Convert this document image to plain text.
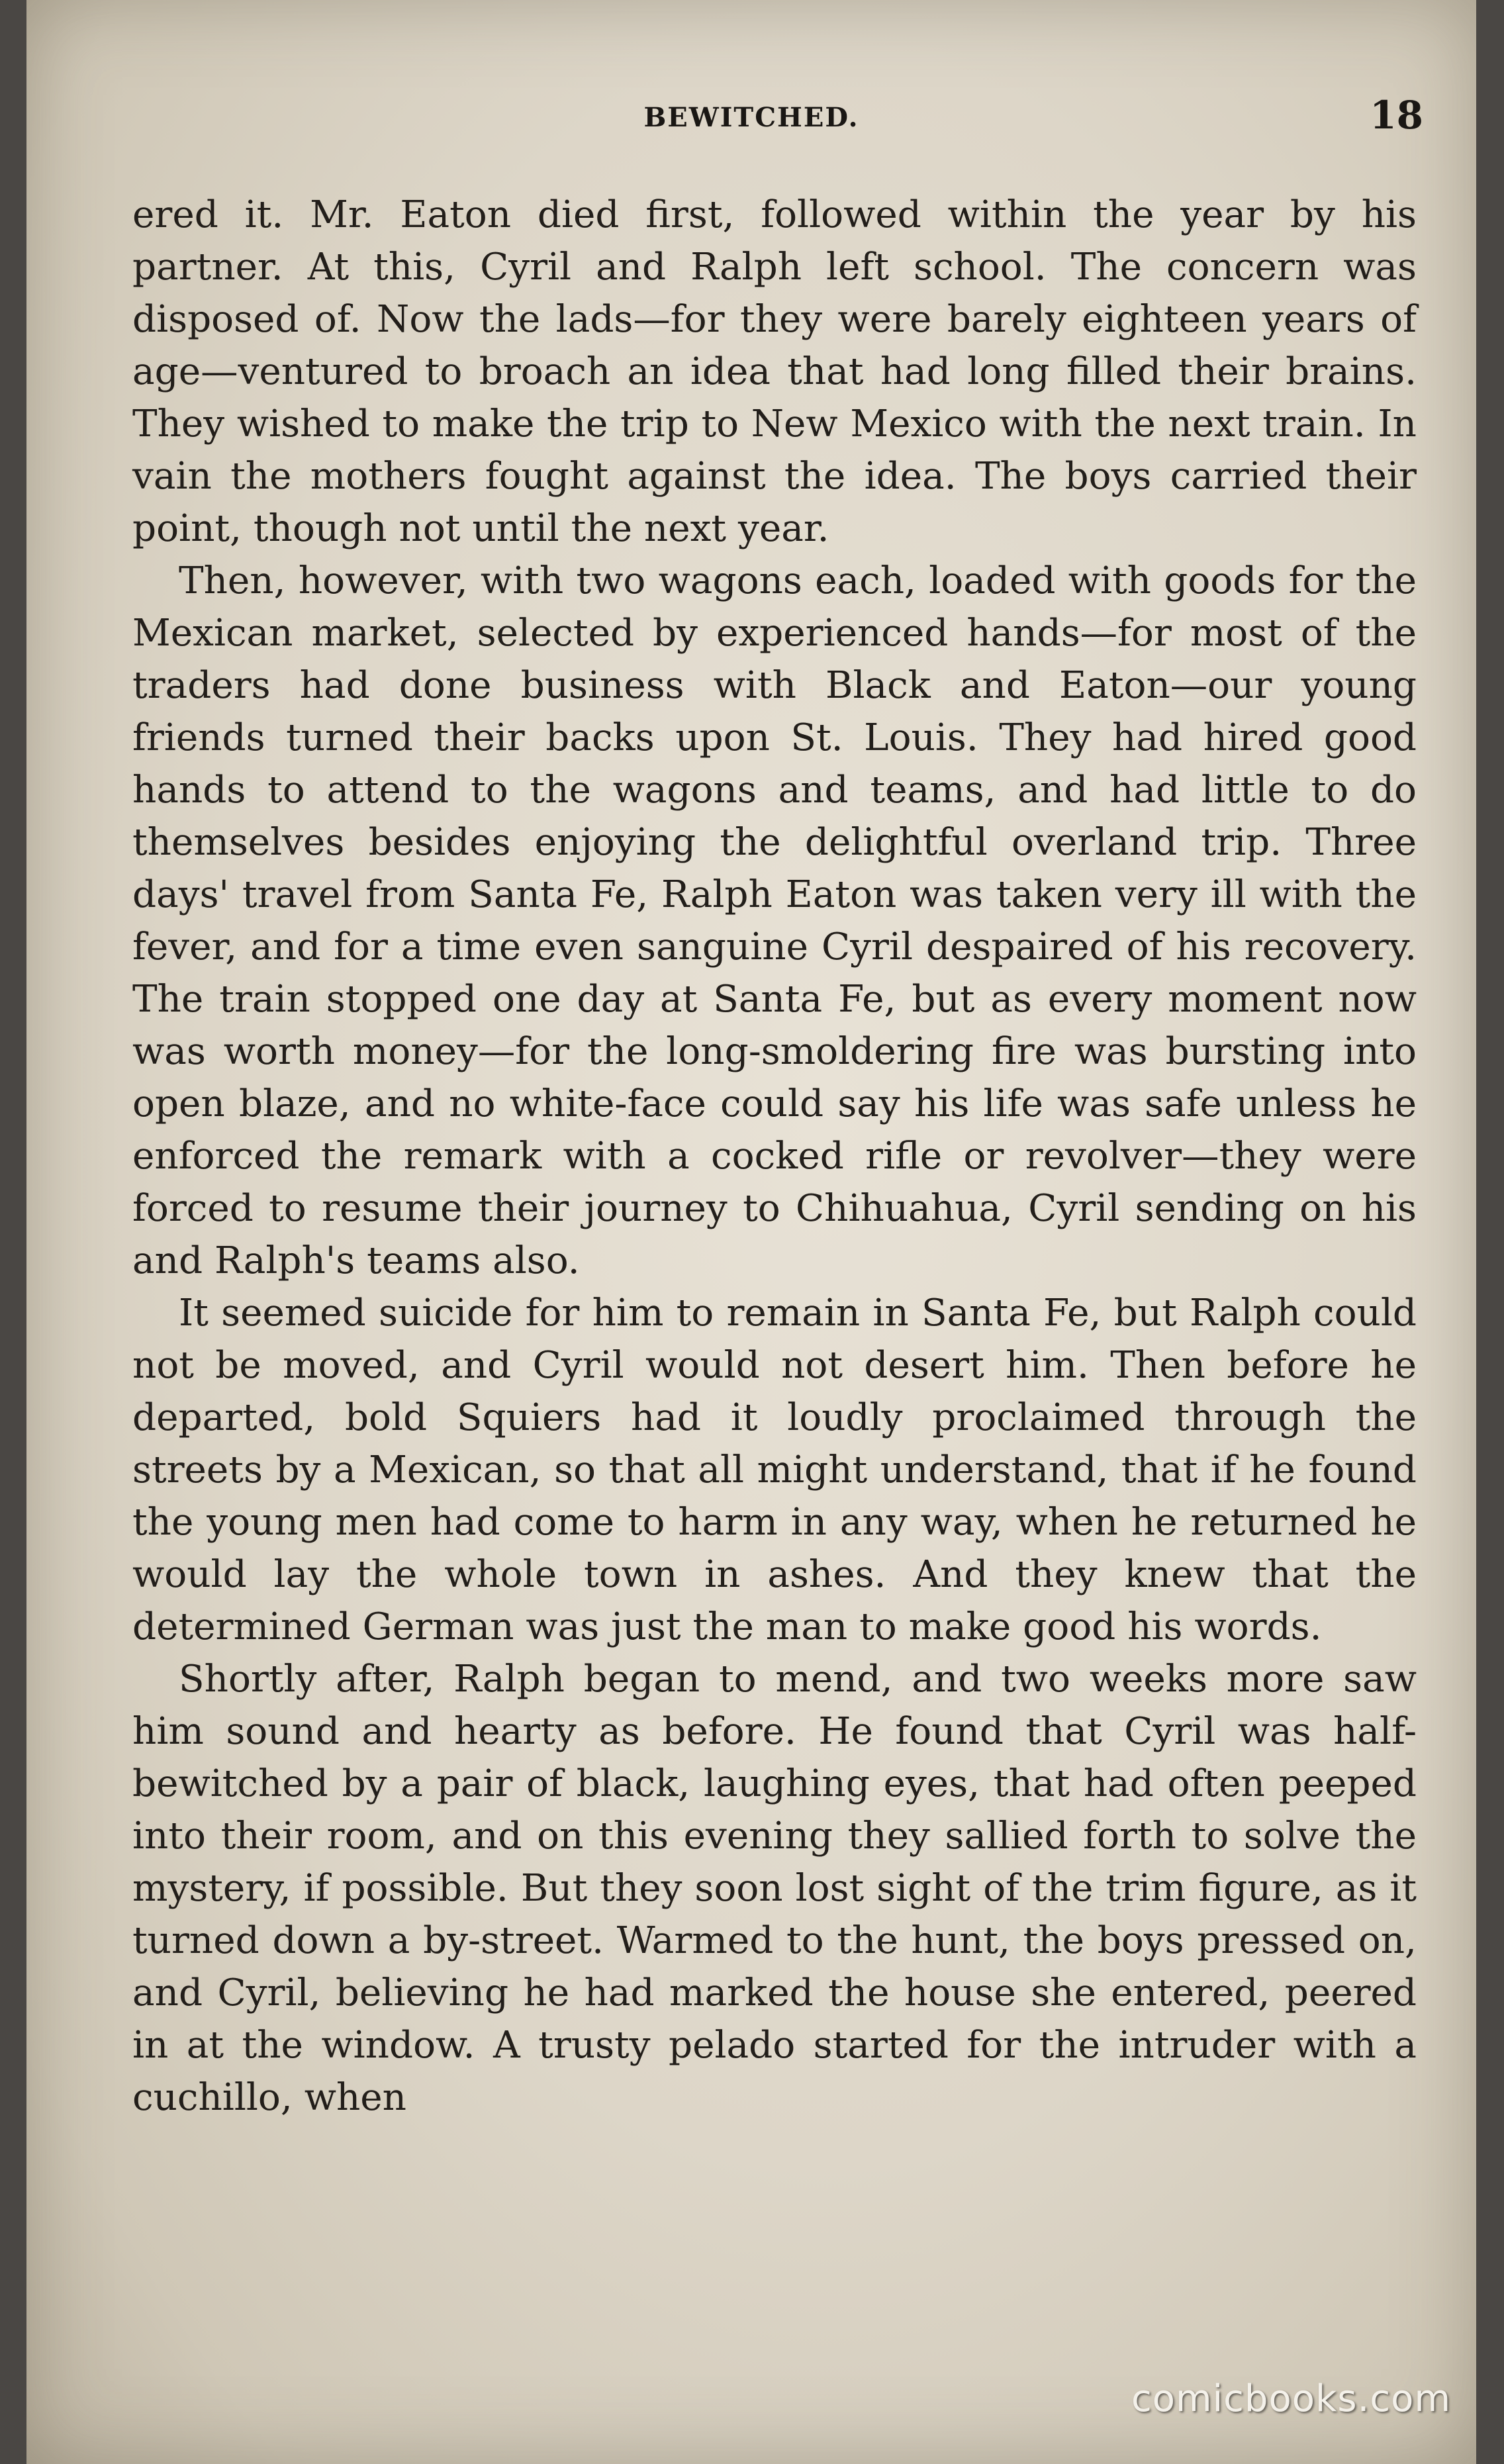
BEWITCHED.	18

ered it. Mr. Eaton died first, followed within the year by his partner. At this, Cyril and Ralph left school. The concern was disposed of. Now the lads—for they were barely eighteen years of age—ventured to broach an idea that had long filled their brains. They wished to make the trip to New Mexico with the next train. In vain the mothers fought against the idea. The boys carried their point, though not until the next year.

Then, however, with two wagons each, loaded with goods for the Mexican market, selected by experienced hands—for most of the traders had done business with Black and Eaton—our young friends turned their backs upon St. Louis. They had hired good hands to attend to the wagons and teams, and had little to do themselves besides enjoying the delightful overland trip. Three days' travel from Santa Fe, Ralph Eaton was taken very ill with the fever, and for a time even sanguine Cyril despaired of his recovery. The train stopped one day at Santa Fe, but as every moment now was worth money—for the long-smoldering fire was bursting into open blaze, and no white-face could say his life was safe unless he enforced the remark with a cocked rifle or revolver—they were forced to resume their journey to Chihuahua, Cyril sending on his and Ralph's teams also.

It seemed suicide for him to remain in Santa Fe, but Ralph could not be moved, and Cyril would not desert him. Then before he departed, bold Squiers had it loudly proclaimed through the streets by a Mexican, so that all might understand, that if he found the young men had come to harm in any way, when he returned he would lay the whole town in ashes. And they knew that the determined German was just the man to make good his words.

Shortly after, Ralph began to mend, and two weeks more saw him sound and hearty as before. He found that Cyril was half-bewitched by a pair of black, laughing eyes, that had often peeped into their room, and on this evening they sallied forth to solve the mystery, if possible. But they soon lost sight of the trim figure, as it turned down a by-street. Warmed to the hunt, the boys pressed on, and Cyril, believing he had marked the house she entered, peered in at the window. A trusty pelado started for the intruder with a cuchillo, when

comicbooks.com
